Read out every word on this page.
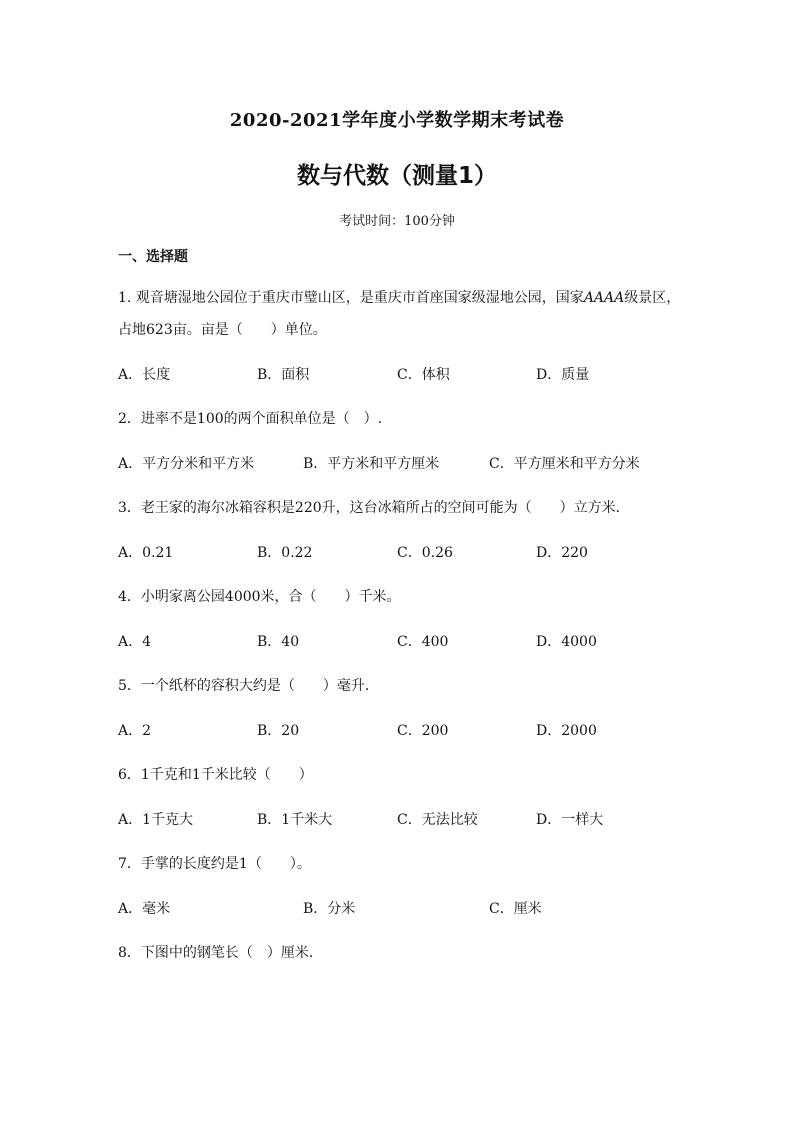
2020-2021学年度小学数学期末考试卷
数与代数（测量1）
考试时间：100分钟
一、选择题
1. 观音塘湿地公园位于重庆市璧山区，是重庆市首座国家级湿地公园，国家AAAA级景区，
占地623亩。亩是（　　）单位。
A．长度	B．面积	C．体积	D．质量
2．进率不是100的两个面积单位是（　）.
A．平方分米和平方米	B．平方米和平方厘米	C．平方厘米和平方分米
3．老王家的海尔冰箱容积是220升，这台冰箱所占的空间可能为（　　）立方米．
A．0.21	B．0.22	C．0.26	D．220
4．小明家离公园4000米，合（　　）千米。
A．4	B．40	C．400	D．4000
5．一个纸杯的容积大约是（　　）毫升．
A．2	B．20	C．200	D．2000
6．1千克和1千米比较（　　）
A．1千克大	B．1千米大	C．无法比较	D．一样大
7．手掌的长度约是1（　　）。
A．毫米	B．分米	C．厘米
8．下图中的钢笔长（　）厘米．
